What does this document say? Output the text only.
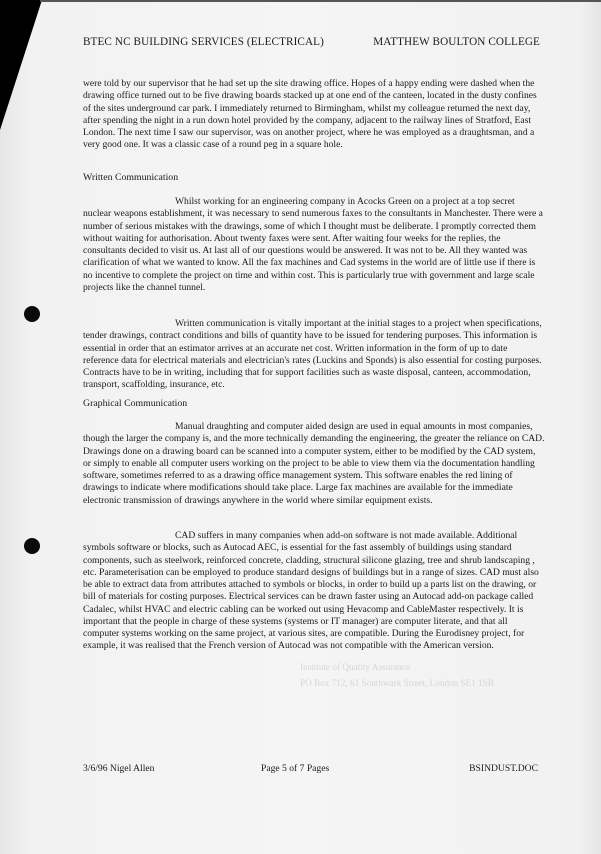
Institute of Quality Assurance
PO Box 712, 61 Southwark Street, London SE1 1SB
BTEC NC BUILDING SERVICES (ELECTRICAL)	MATTHEW BOULTON COLLEGE

were told by our supervisor that he had set up the site drawing office. Hopes of a happy ending were dashed when the drawing office turned out to be five drawing boards stacked up at one end of the canteen, located in the dusty confines of the sites underground car park. I immediately returned to Birmingham, whilst my colleague returned the next day, after spending the night in a run down hotel provided by the company, adjacent to the railway lines of Stratford, East London. The next time I saw our supervisor, was on another project, where he was employed as a draughtsman, and a very good one. It was a classic case of a round peg in a square hole.

Written Communication

Whilst working for an engineering company in Acocks Green on a project at a top secret nuclear weapons establishment, it was necessary to send numerous faxes to the consultants in Manchester. There were a number of serious mistakes with the drawings, some of which I thought must be deliberate. I promptly corrected them without waiting for authorisation. About twenty faxes were sent. After waiting four weeks for the replies, the consultants decided to visit us. At last all of our questions would be answered. It was not to be. All they wanted was clarification of what we wanted to know. All the fax machines and Cad systems in the world are of little use if there is no incentive to complete the project on time and within cost. This is particularly true with government and large scale projects like the channel tunnel.

Written communication is vitally important at the initial stages to a project when specifications, tender drawings, contract conditions and bills of quantity have to be issued for tendering purposes. This information is essential in order that an estimator arrives at an accurate net cost. Written information in the form of up to date reference data for electrical materials and electrician's rates (Luckins and Sponds) is also essential for costing purposes. Contracts have to be in writing, including that for support facilities such as waste disposal, canteen, accommodation, transport, scaffolding, insurance, etc.

Graphical Communication

Manual draughting and computer aided design are used in equal amounts in most companies, though the larger the company is, and the more technically demanding the engineering, the greater the reliance on CAD. Drawings done on a drawing board can be scanned into a computer system, either to be modified by the CAD system, or simply to enable all computer users working on the project to be able to view them via the documentation handling software, sometimes referred to as a drawing office management system. This software enables the red lining of drawings to indicate where modifications should take place. Large fax machines are available for the immediate electronic transmission of drawings anywhere in the world where similar equipment exists.

CAD suffers in many companies when add-on software is not made available. Additional symbols software or blocks, such as Autocad AEC, is essential for the fast assembly of buildings using standard components, such as steelwork, reinforced concrete, cladding, structural silicone glazing, tree and shrub landscaping , etc. Parameterisation can be employed to produce standard designs of buildings but in a range of sizes. CAD must also be able to extract data from attributes attached to symbols or blocks, in order to build up a parts list on the drawing, or bill of materials for costing purposes. Electrical services can be drawn faster using an Autocad add-on package called Cadalec, whilst HVAC and electric cabling can be worked out using Hevacomp and CableMaster respectively. It is important that the people in charge of these systems (systems or IT manager) are computer literate, and that all computer systems working on the same project, at various sites, are compatible. During the Eurodisney project, for example, it was realised that the French version of Autocad was not compatible with the American version.

3/6/96 Nigel Allen	Page 5 of 7 Pages	BSINDUST.DOC
